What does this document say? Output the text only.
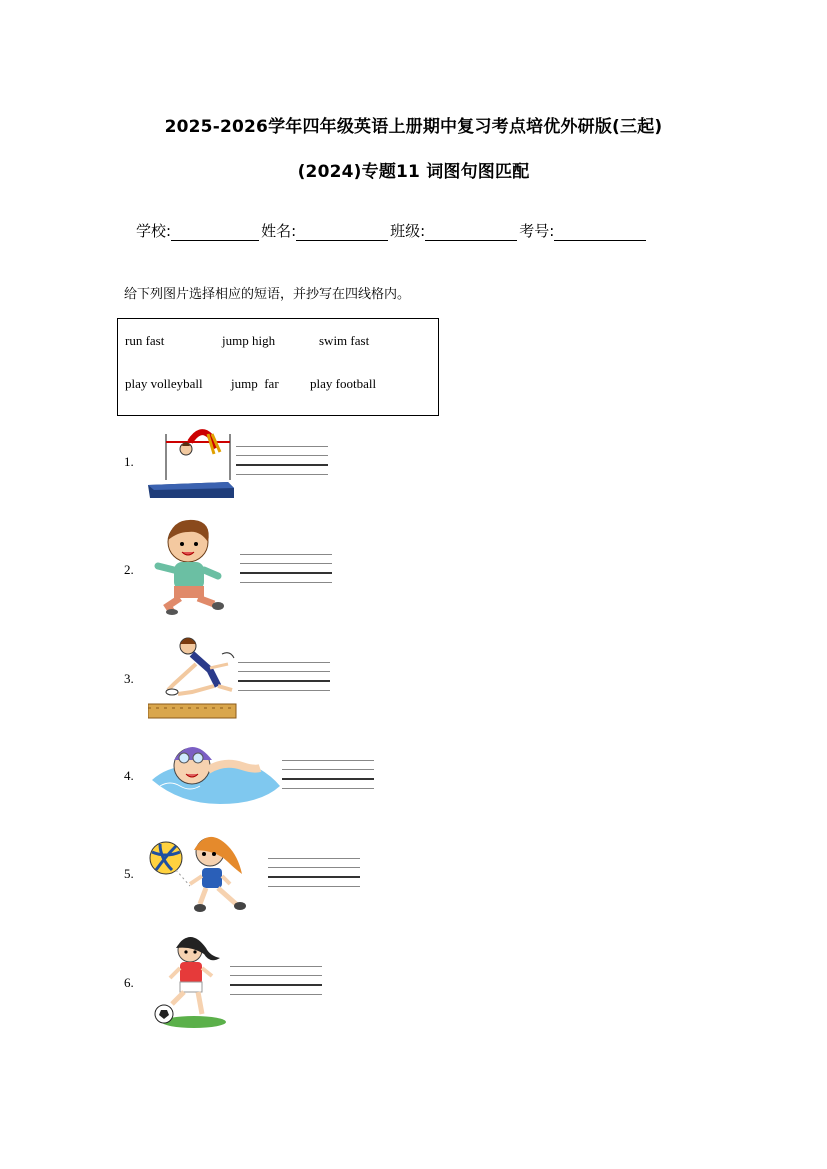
2025-2026学年四年级英语上册期中复习考点培优外研版(三起)
(2024)专题11 词图句图匹配
学校:	姓名:	班级:	考号:
给下列图片选择相应的短语，并抄写在四线格内。
run fast	jump high	swim fast
play volleyball jump  far play football
1.
2.
3.
4.
5.
6.
